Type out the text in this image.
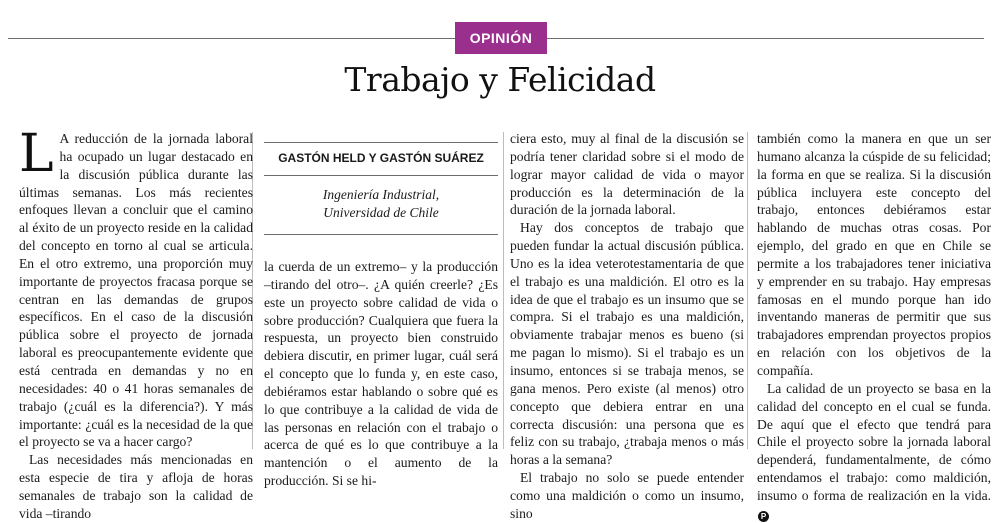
OPINIÓN
Trabajo y Felicidad

L A reducción de la jornada laboral ha ocupado un lugar destacado en la discusión pública durante las últimas semanas. Los más recientes enfoques llevan a concluir que el camino al éxito de un proyecto reside en la calidad del concepto en torno al cual se articula. En el otro extremo, una proporción muy importante de proyectos fracasa porque se centran en las demandas de grupos específicos. En el caso de la discusión pública sobre el proyecto de jornada laboral es preocupantemente evidente que está centrada en demandas y no en necesidades: 40 o 41 horas semanales de trabajo (¿cuál es la diferencia?). Y más importante: ¿cuál es la necesidad de la que el proyecto se va a hacer cargo?

Las necesidades más mencionadas en esta especie de tira y afloja de horas semanales de trabajo son la calidad de vida –tirando

GASTÓN HELD Y GASTÓN SUÁREZ
Ingeniería Industrial,
Universidad de Chile

la cuerda de un extremo– y la producción –tirando del otro–. ¿A quién creerle? ¿Es este un proyecto sobre calidad de vida o sobre producción? Cualquiera que fuera la respuesta, un proyecto bien construido debiera discutir, en primer lugar, cuál será el concepto que lo funda y, en este caso, debiéramos estar hablando o sobre qué es lo que contribuye a la calidad de vida de las personas en relación con el trabajo o acerca de qué es lo que contribuye a la mantención o el aumento de la producción. Si se hi-

ciera esto, muy al final de la discusión se podría tener claridad sobre si el modo de lograr mayor calidad de vida o mayor producción es la determinación de la duración de la jornada laboral.

Hay dos conceptos de trabajo que pueden fundar la actual discusión pública. Uno es la idea veterotestamentaria de que el trabajo es una maldición. El otro es la idea de que el trabajo es un insumo que se compra. Si el trabajo es una maldición, obviamente trabajar menos es bueno (si me pagan lo mismo). Si el trabajo es un insumo, entonces si se trabaja menos, se gana menos. Pero existe (al menos) otro concepto que debiera entrar en una correcta discusión: una persona que es feliz con su trabajo, ¿trabaja menos o más horas a la semana?

El trabajo no solo se puede entender como una maldición o como un insumo, sino

también como la manera en que un ser humano alcanza la cúspide de su felicidad; la forma en que se realiza. Si la discusión pública incluyera este concepto del trabajo, entonces debiéramos estar hablando de muchas otras cosas. Por ejemplo, del grado en que en Chile se permite a los trabajadores tener iniciativa y emprender en su trabajo. Hay empresas famosas en el mundo porque han ido inventando maneras de permitir que sus trabajadores emprendan proyectos propios en relación con los objetivos de la compañía.

La calidad de un proyecto se basa en la calidad del concepto en el cual se funda. De aquí que el efecto que tendrá para Chile el proyecto sobre la jornada laboral dependerá, fundamentalmente, de cómo entendamos el trabajo: como maldición, insumo o forma de realización en la vida. P
